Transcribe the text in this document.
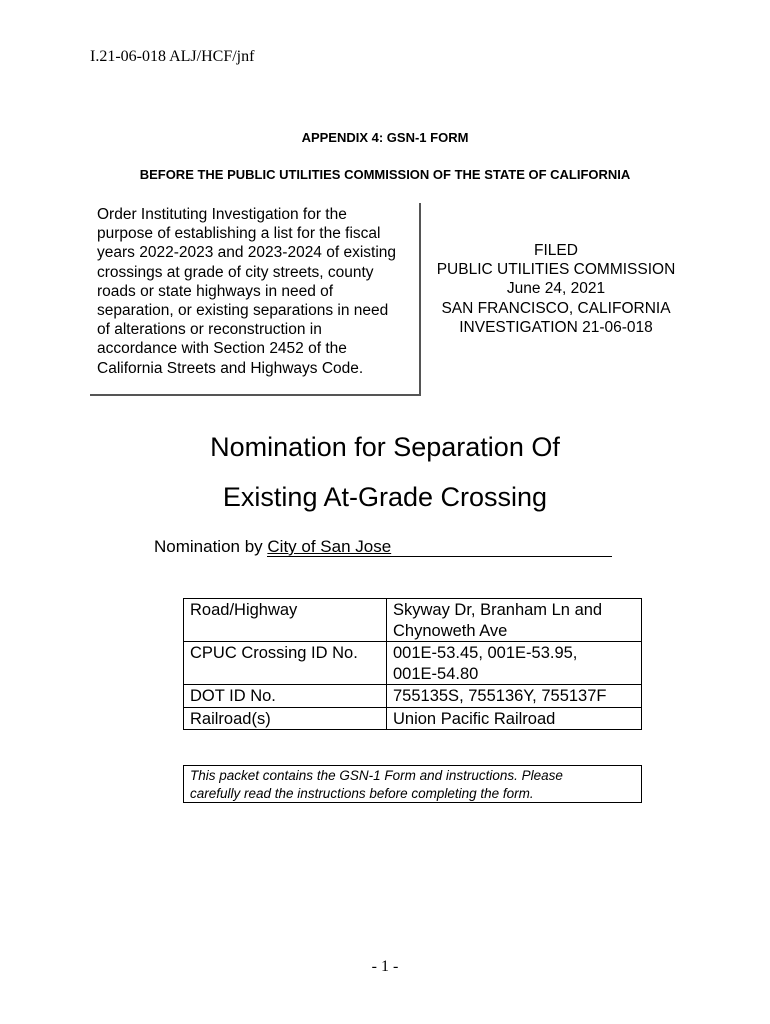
I.21-06-018 ALJ/HCF/jnf
APPENDIX 4: GSN-1 FORM
BEFORE THE PUBLIC UTILITIES COMMISSION OF THE STATE OF CALIFORNIA
Order Instituting Investigation for the
purpose of establishing a list for the fiscal
years 2022-2023 and 2023-2024 of existing
crossings at grade of city streets, county
roads or state highways in need of
separation, or existing separations in need
of alterations or reconstruction in
accordance with Section 2452 of the
California Streets and Highways Code.
FILED
PUBLIC UTILITIES COMMISSION
June 24, 2021
SAN FRANCISCO, CALIFORNIA
INVESTIGATION 21-06-018
Nomination for Separation Of
Existing At-Grade Crossing
Nomination by City of San Jose
Road/Highway	Skyway Dr, Branham Ln and
Chynoweth Ave

CPUC Crossing ID No.	001E-53.45, 001E-53.95,
001E-54.80

DOT ID No.	755135S, 755136Y, 755137F

Railroad(s)	Union Pacific Railroad
This packet contains the GSN-1 Form and instructions. Please
carefully read the instructions before completing the form.
- 1 -
